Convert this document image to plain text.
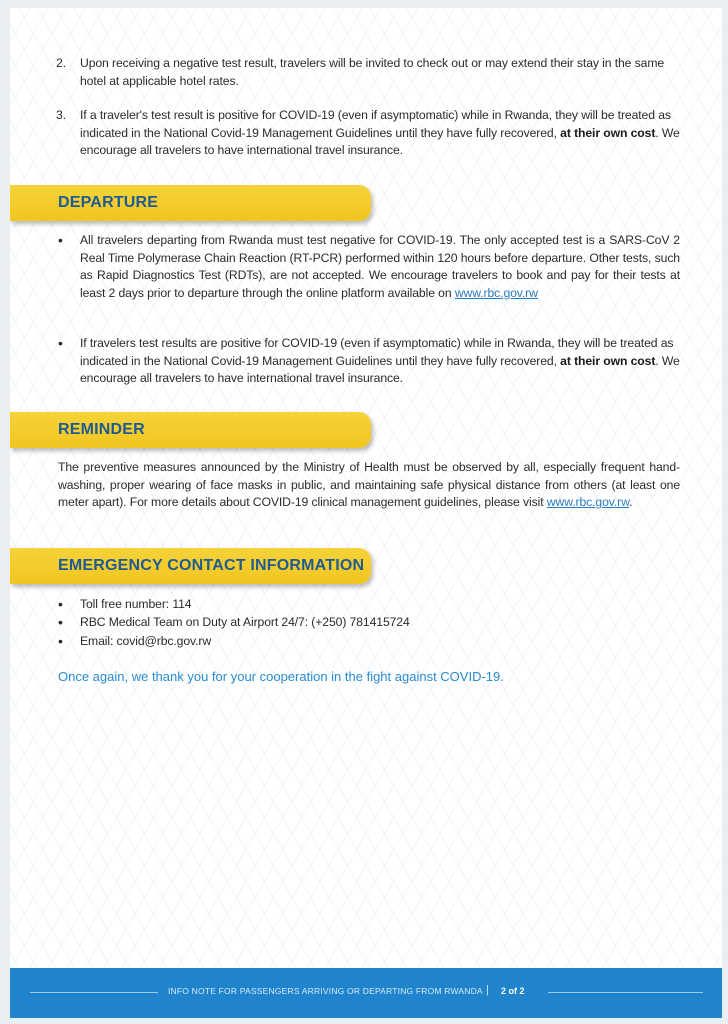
2. Upon receiving a negative test result, travelers will be invited to check out or may extend their stay in the same hotel at applicable hotel rates.
3. If a traveler's test result is positive for COVID-19 (even if asymptomatic) while in Rwanda, they will be treated as indicated in the National Covid-19 Management Guidelines until they have fully recovered, at their own cost. We encourage all travelers to have international travel insurance.
DEPARTURE
• All travelers departing from Rwanda must test negative for COVID-19. The only accepted test is a SARS-CoV 2 Real Time Polymerase Chain Reaction (RT-PCR) performed within 120 hours before departure. Other tests, such as Rapid Diagnostics Test (RDTs), are not accepted. We encourage travelers to book and pay for their tests at least 2 days prior to departure through the online platform available on www.rbc.gov.rw
• If travelers test results are positive for COVID-19 (even if asymptomatic) while in Rwanda, they will be treated as indicated in the National Covid-19 Management Guidelines until they have fully recovered, at their own cost. We encourage all travelers to have international travel insurance.
REMINDER
The preventive measures announced by the Ministry of Health must be observed by all, especially frequent hand-washing, proper wearing of face masks in public, and maintaining safe physical distance from others (at least one meter apart). For more details about COVID-19 clinical management guidelines, please visit www.rbc.gov.rw.
EMERGENCY CONTACT INFORMATION
• Toll free number: 114
• RBC Medical Team on Duty at Airport 24/7: (+250) 781415724
• Email: covid@rbc.gov.rw
Once again, we thank you for your cooperation in the fight against COVID-19.
INFO NOTE FOR PASSENGERS ARRIVING OR DEPARTING FROM RWANDA | 2 of 2
